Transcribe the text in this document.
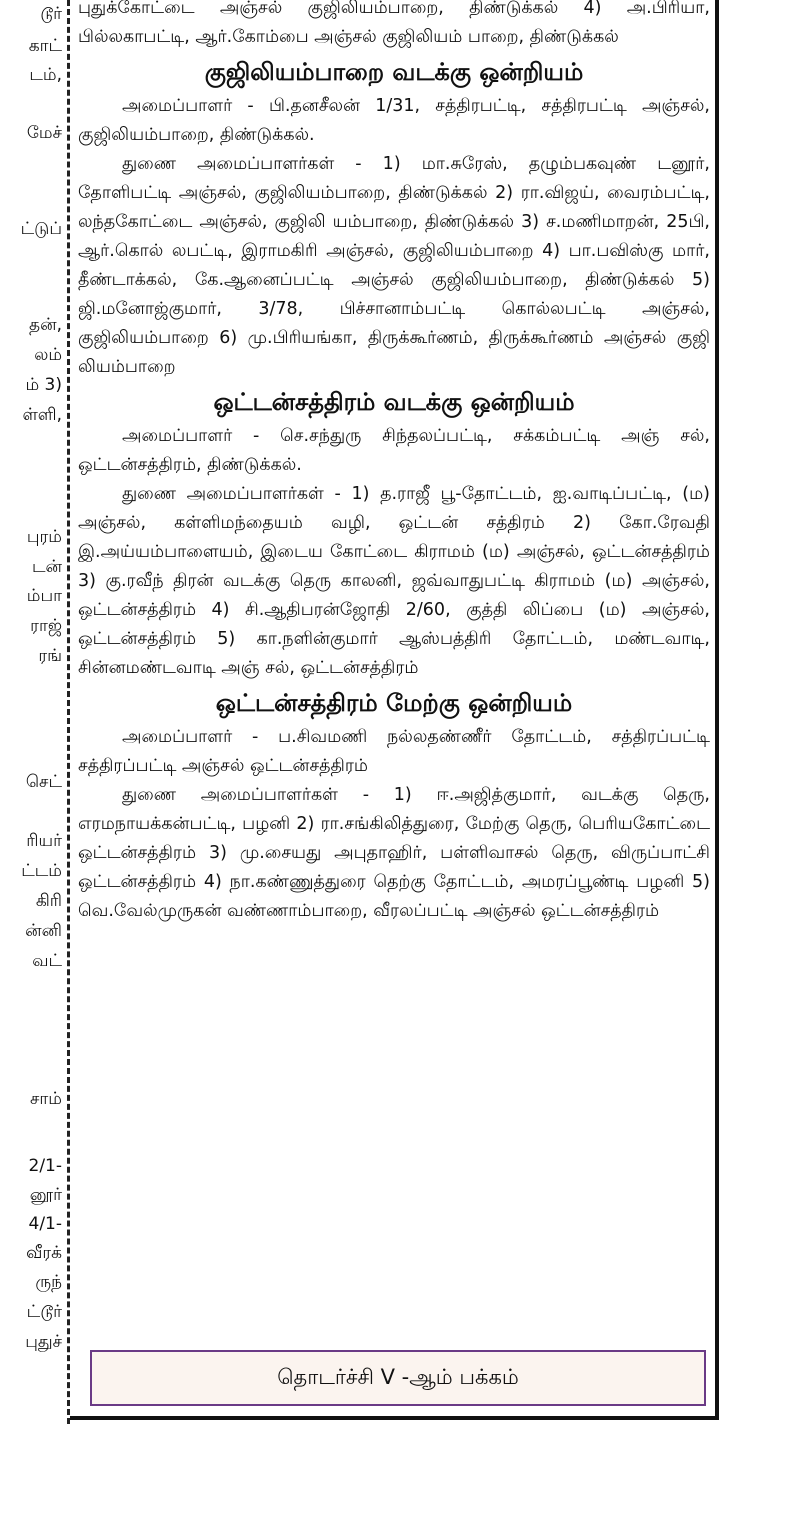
டூர்
காட்
டம்,
மேச்
ட்டுப்
தன்,
லம்
ம் 3)
ள்ளி,
புரம்
டன்
ம்பா
ராஜ்
ரங்
செட்
ரியர்
ட்டம்
கிரி
ன்னி
வட்
சாம்
2/1-
னூர்
4/1-
வீரக்
ருந்
ட்டூர்
புதுச்

புதுக்கோட்டை அஞ்சல் குஜிலியம்பாறை, திண்டுக்கல் 4) அ.பிரியா, பில்லகாபட்டி, ஆர்.கோம்பை அஞ்சல் குஜிலியம் பாறை, திண்டுக்கல்

குஜிலியம்பாறை வடக்கு ஒன்றியம்

அமைப்பாளர் - பி.தனசீலன் 1/31, சத்திரபட்டி, சத்திரபட்டி அஞ்சல், குஜிலியம்பாறை, திண்டுக்கல்.

துணை அமைப்பாளர்கள் - 1) மா.சுரேஸ், தழும்பகவுண் டனூர், தோளிபட்டி அஞ்சல், குஜிலியம்பாறை, திண்டுக்கல் 2) ரா.விஜய், வைரம்பட்டி, லந்தகோட்டை அஞ்சல், குஜிலி யம்பாறை, திண்டுக்கல் 3) ச.மணிமாறன், 25பி, ஆர்.கொல் லபட்டி, இராமகிரி அஞ்சல், குஜிலியம்பாறை 4) பா.பவிஸ்கு மார், தீண்டாக்கல், கே.ஆனைப்பட்டி அஞ்சல் குஜிலியம்பாறை, திண்டுக்கல் 5) ஜி.மனோஜ்குமார், 3/78, பிச்சானாம்பட்டி கொல்லபட்டி அஞ்சல், குஜிலியம்பாறை 6) மு.பிரியங்கா, திருக்கூர்ணம், திருக்கூர்ணம் அஞ்சல் குஜி லியம்பாறை

ஒட்டன்சத்திரம் வடக்கு ஒன்றியம்

அமைப்பாளர் - செ.சந்துரு சிந்தலப்பட்டி, சக்கம்பட்டி அஞ் சல், ஒட்டன்சத்திரம், திண்டுக்கல்.

துணை அமைப்பாளர்கள் - 1) த.ராஜீ பூ-தோட்டம், ஐ.வாடிப்பட்டி, (ம) அஞ்சல், கள்ளிமந்தையம் வழி, ஒட்டன் சத்திரம் 2) கோ.ரேவதி இ.அய்யம்பாளையம், இடைய கோட்டை கிராமம் (ம) அஞ்சல், ஒட்டன்சத்திரம் 3) கு.ரவீந் திரன் வடக்கு தெரு காலனி, ஜவ்வாதுபட்டி கிராமம் (ம) அஞ்சல், ஒட்டன்சத்திரம் 4) சி.ஆதிபரன்ஜோதி 2/60, குத்தி லிப்பை (ம) அஞ்சல், ஒட்டன்சத்திரம் 5) கா.நளின்குமார் ஆஸ்பத்திரி தோட்டம், மண்டவாடி, சின்னமண்டவாடி அஞ் சல், ஒட்டன்சத்திரம்

ஒட்டன்சத்திரம் மேற்கு ஒன்றியம்

அமைப்பாளர் - ப.சிவமணி நல்லதண்ணீர் தோட்டம், சத்திரப்பட்டி சத்திரப்பட்டி அஞ்சல் ஒட்டன்சத்திரம்

துணை அமைப்பாளர்கள் - 1) ஈ.அஜித்குமார், வடக்கு தெரு, எரமநாயக்கன்பட்டி, பழனி 2) ரா.சங்கிலித்துரை, மேற்கு தெரு, பெரியகோட்டை ஒட்டன்சத்திரம் 3) மு.சையது அபுதாஹிர், பள்ளிவாசல் தெரு, விருப்பாட்சி ஒட்டன்சத்திரம் 4) நா.கண்ணுத்துரை தெற்கு தோட்டம், அமரப்பூண்டி பழனி 5) வெ.வேல்முருகன் வண்ணாம்பாறை, வீரலப்பட்டி அஞ்சல் ஒட்டன்சத்திரம்

தொடர்ச்சி V -ஆம் பக்கம்
